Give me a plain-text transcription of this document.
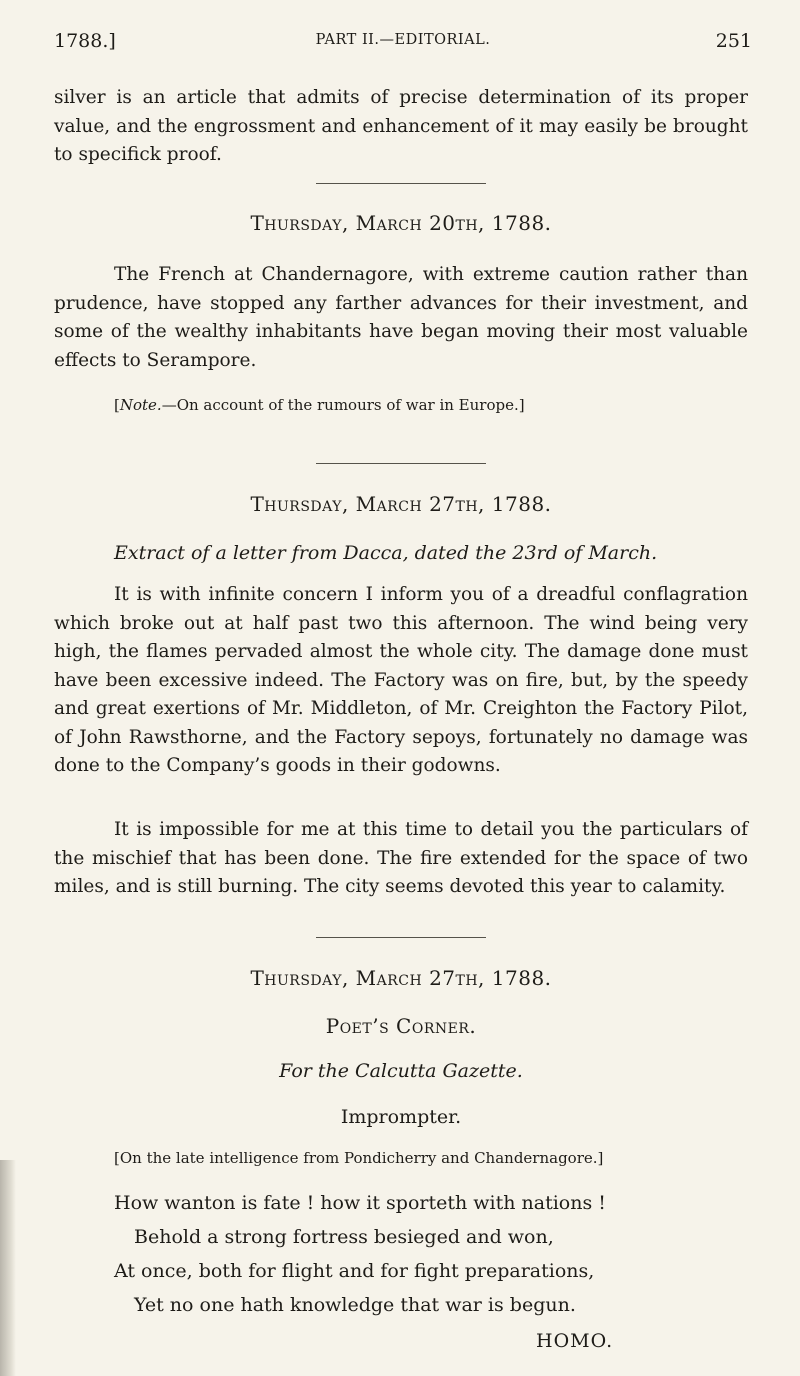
1788.]	PART II.—EDITORIAL.	251

silver is an article that admits of precise determination of its proper value, and the engrossment and enhancement of it may easily be brought to specifick proof.

Thursday, March 20th, 1788.

The French at Chandernagore, with extreme caution rather than prudence, have stopped any farther advances for their investment, and some of the wealthy inhabitants have began moving their most valuable effects to Serampore.

[Note.—On account of the rumours of war in Europe.]
Thursday, March 27th, 1788.
Extract of a letter from Dacca, dated the 23rd of March.

It is with infinite concern I inform you of a dreadful conflagration which broke out at half past two this afternoon. The wind being very high, the flames pervaded almost the whole city. The damage done must have been excessive indeed. The Factory was on fire, but, by the speedy and great exertions of Mr. Middleton, of Mr. Creighton the Factory Pilot, of John Rawsthorne, and the Factory sepoys, fortunately no damage was done to the Company’s goods in their godowns.

It is impossible for me at this time to detail you the particulars of the mischief that has been done. The fire extended for the space of two miles, and is still burning. The city seems devoted this year to calamity.

Thursday, March 27th, 1788.
Poet’s Corner.
For the Calcutta Gazette.
Imprompter.
[On the late intelligence from Pondicherry and Chandernagore.]
How wanton is fate ! how it sporteth with nations !
Behold a strong fortress besieged and won,
At once, both for flight and for fight preparations,
Yet no one hath knowledge that war is begun.
HOMO.
